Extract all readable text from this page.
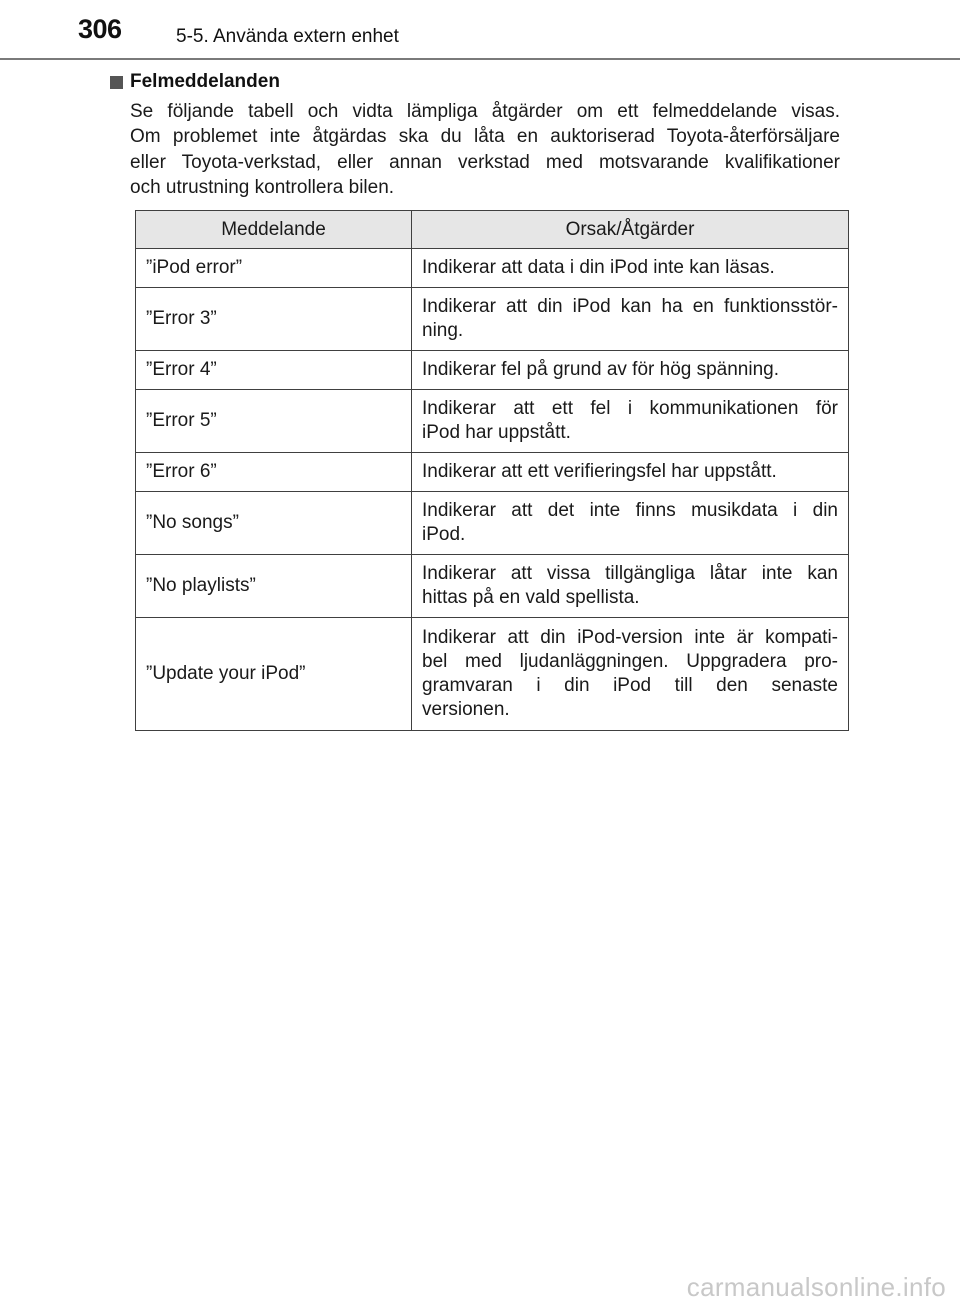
306	5-5. Använda extern enhet
Felmeddelanden
Se följande tabell och vidta lämpliga åtgärder om ett felmeddelande visas.
Om problemet inte åtgärdas ska du låta en auktoriserad Toyota-återförsäljare
eller Toyota-verkstad, eller annan verkstad med motsvarande kvalifikationer
och utrustning kontrollera bilen.
Meddelande	Orsak/Åtgärder
”iPod error”	Indikerar att data i din iPod inte kan läsas.

”Error 3”	Indikerar att din iPod kan ha en funktionsstör-
ning.

”Error 4”	Indikerar fel på grund av för hög spänning.

”Error 5”	Indikerar att ett fel i kommunikationen för
iPod har uppstått.

”Error 6”	Indikerar att ett verifieringsfel har uppstått.

”No songs”	Indikerar att det inte finns musikdata i din
iPod.

”No playlists”	Indikerar att vissa tillgängliga låtar inte kan
hittas på en vald spellista.

”Update your iPod”	Indikerar att din iPod-version inte är kompati-
bel med ljudanläggningen. Uppgradera pro-
gramvaran i din iPod till den senaste
versionen.
carmanualsonline.info
